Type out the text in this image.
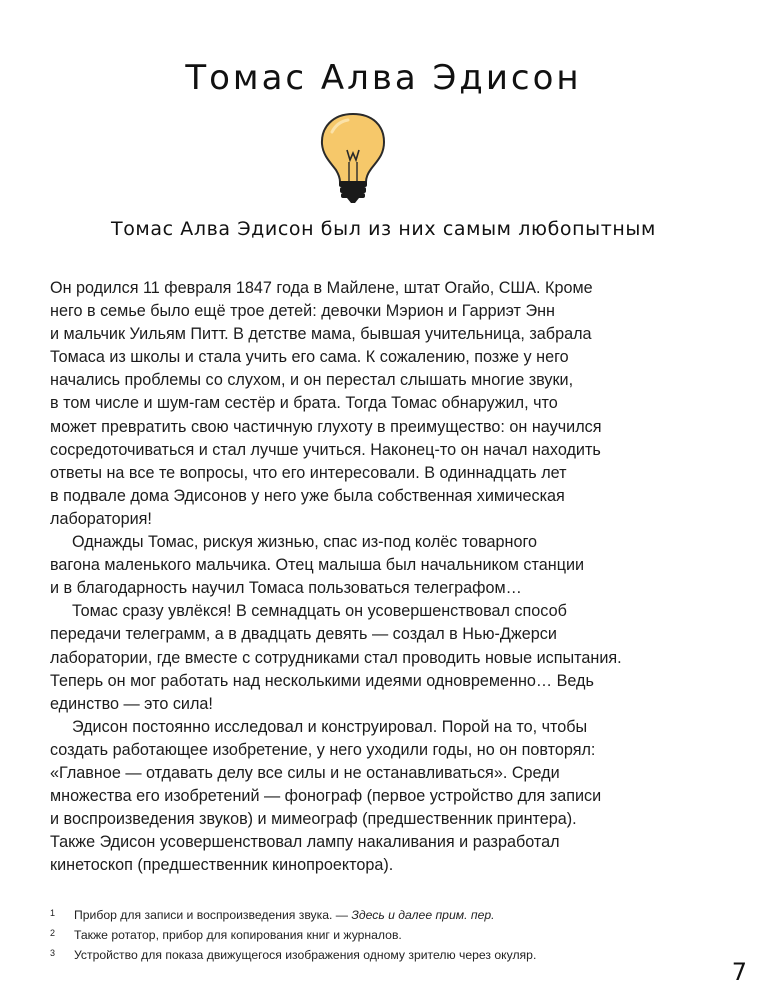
Томас Алва Эдисон
Томас Алва Эдисон был из них самым любопытным
Он родился 11 февраля 1847 года в Майлене, штат Огайо, США. Кроме
него в семье было ещё трое детей: девочки Мэрион и Гарриэт Энн
и мальчик Уильям Питт. В детстве мама, бывшая учительница, забрала
Томаса из школы и стала учить его сама. К сожалению, позже у него
начались проблемы со слухом, и он перестал слышать многие звуки,
в том числе и шум-гам сестёр и брата. Тогда Томас обнаружил, что
может превратить свою частичную глухоту в преимущество: он научился
сосредоточиваться и стал лучше учиться. Наконец-то он начал находить
ответы на все те вопросы, что его интересовали. В одиннадцать лет
в подвале дома Эдисонов у него уже была собственная химическая
лаборатория!
Однажды Томас, рискуя жизнью, спас из-под колёс товарного
вагона маленького мальчика. Отец малыша был начальником станции
и в благодарность научил Томаса пользоваться телеграфом…
Томас сразу увлёкся! В семнадцать он усовершенствовал способ
передачи телеграмм, а в двадцать девять — создал в Нью-Джерси
лаборатории, где вместе с сотрудниками стал проводить новые испытания.
Теперь он мог работать над несколькими идеями одновременно… Ведь
единство — это сила!
Эдисон постоянно исследовал и конструировал. Порой на то, чтобы
создать работающее изобретение, у него уходили годы, но он повторял:
«Главное — отдавать делу все силы и не останавливаться». Среди
множества его изобретений — фонограф (первое устройство для записи
и воспроизведения звуков) и мимеограф (предшественник принтера).
Также Эдисон усовершенствовал лампу накаливания и разработал
кинетоскоп (предшественник кинопроектора).
1 Прибор для записи и воспроизведения звука. — Здесь и далее прим. пер.
2 Также ротатор, прибор для копирования книг и журналов.
3 Устройство для показа движущегося изображения одному зрителю через окуляр.
7
